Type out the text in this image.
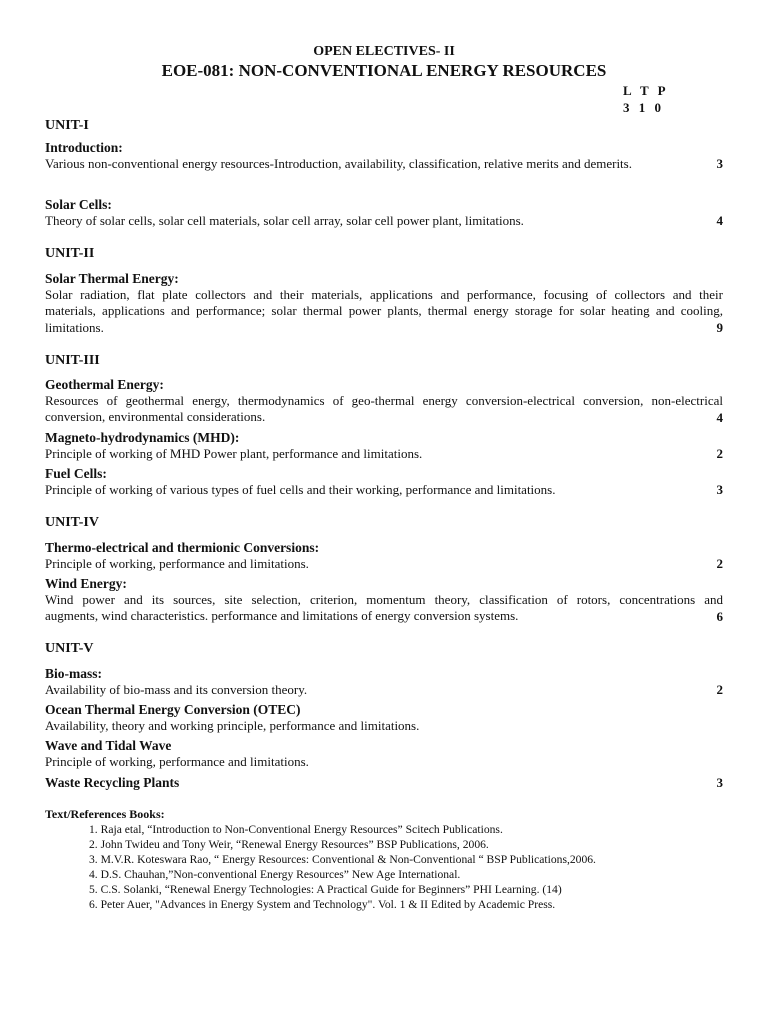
OPEN ELECTIVES- II
EOE-081: NON-CONVENTIONAL ENERGY RESOURCES
L T P
3 1 0
UNIT-I
Introduction:
Various non-conventional energy resources-Introduction, availability, classification, relative merits and demerits.	3
Solar Cells:
Theory of solar cells, solar cell materials, solar cell array, solar cell power plant, limitations.	4
UNIT-II
Solar Thermal Energy:
Solar radiation, flat plate collectors and their materials, applications and performance, focusing of collectors and their
materials, applications and performance; solar thermal power plants, thermal energy storage for solar heating and cooling,
limitations.	9
UNIT-III
Geothermal Energy:
Resources of geothermal energy, thermodynamics of geo-thermal energy conversion-electrical conversion, non-electrical
conversion, environmental considerations.	4
Magneto-hydrodynamics (MHD):
Principle of working of MHD Power plant, performance and limitations.	2
Fuel Cells:
Principle of working of various types of fuel cells and their working, performance and limitations.	3
UNIT-IV
Thermo-electrical and thermionic Conversions:
Principle of working, performance and limitations.	2
Wind Energy:
Wind power and its sources, site selection, criterion, momentum theory, classification of rotors, concentrations and
augments, wind characteristics. performance and limitations of energy conversion systems.	6
UNIT-V
Bio-mass:
Availability of bio-mass and its conversion theory.	2
Ocean Thermal Energy Conversion (OTEC)
Availability, theory and working principle, performance and limitations.
Wave and Tidal Wave
Principle of working, performance and limitations.
Waste Recycling Plants	3
Text/References Books:
1. Raja etal, “Introduction to Non-Conventional Energy Resources” Scitech Publications.
2. John Twideu and Tony Weir, “Renewal Energy Resources” BSP Publications, 2006.
3. M.V.R. Koteswara Rao, “ Energy Resources: Conventional & Non-Conventional “ BSP Publications,2006.
4. D.S. Chauhan,”Non-conventional Energy Resources” New Age International.
5. C.S. Solanki, “Renewal Energy Technologies: A Practical Guide for Beginners” PHI Learning. (14)
6. Peter Auer, "Advances in Energy System and Technology". Vol. 1 & II Edited by Academic Press.
